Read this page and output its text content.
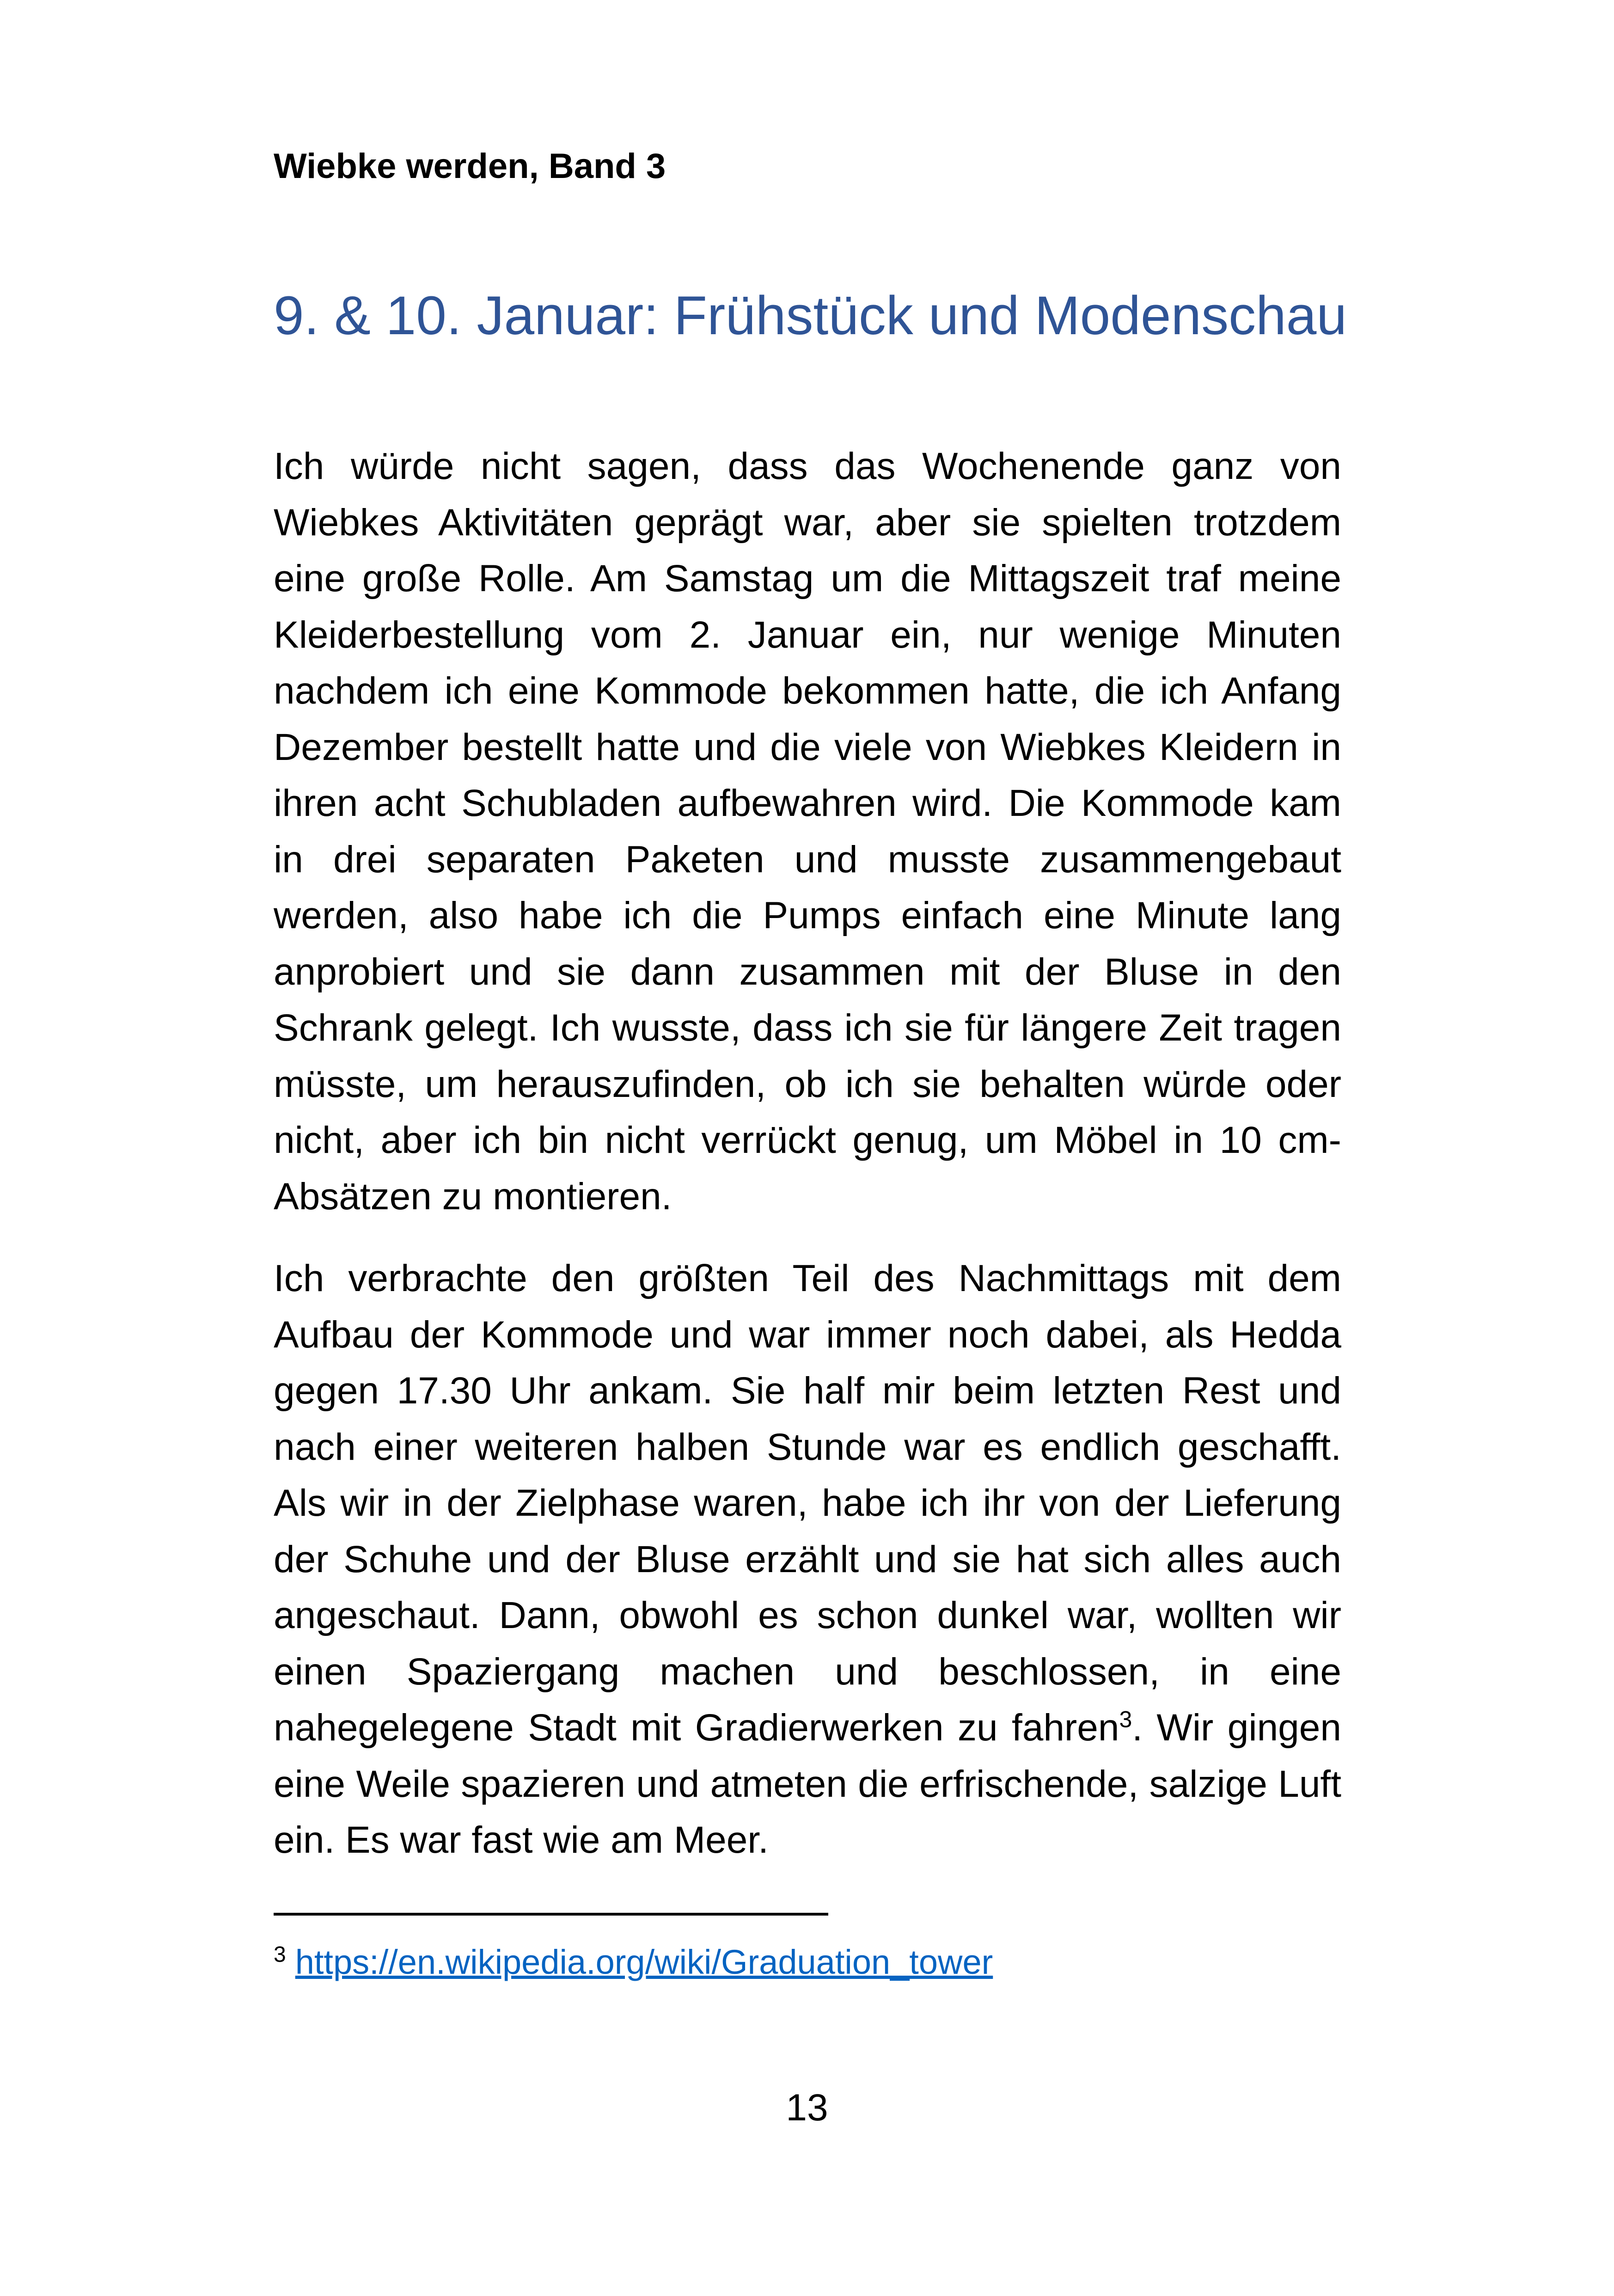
Wiebke werden, Band 3
9. & 10. Januar: Frühstück und Modenschau

Ich würde nicht sagen, dass das Wochenende ganz von Wiebkes Aktivitäten geprägt war, aber sie spielten trotzdem eine große Rolle. Am Samstag um die Mittagszeit traf meine Kleiderbestellung vom 2. Januar ein, nur wenige Minuten nachdem ich eine Kommode bekommen hatte, die ich Anfang Dezember bestellt hatte und die viele von Wiebkes Kleidern in ihren acht Schubladen aufbewahren wird. Die Kommode kam in drei separaten Paketen und musste zusammengebaut werden, also habe ich die Pumps einfach eine Minute lang anprobiert und sie dann zusammen mit der Bluse in den Schrank gelegt. Ich wusste, dass ich sie für längere Zeit tragen müsste, um herauszufinden, ob ich sie behalten würde oder nicht, aber ich bin nicht verrückt genug, um Möbel in 10 cm-Absätzen zu montieren.

Ich verbrachte den größten Teil des Nachmittags mit dem Aufbau der Kommode und war immer noch dabei, als Hedda gegen 17.30 Uhr ankam. Sie half mir beim letzten Rest und nach einer weiteren halben Stunde war es endlich geschafft. Als wir in der Zielphase waren, habe ich ihr von der Lieferung der Schuhe und der Bluse erzählt und sie hat sich alles auch angeschaut. Dann, obwohl es schon dunkel war, wollten wir einen Spaziergang machen und beschlossen, in eine nahegelegene Stadt mit Gradierwerken zu fahren$^3$. Wir gingen eine Weile spazieren und atmeten die erfrischende, salzige Luft ein. Es war fast wie am Meer.

$^3$ https://en.wikipedia.org/wiki/Graduation_tower
13
